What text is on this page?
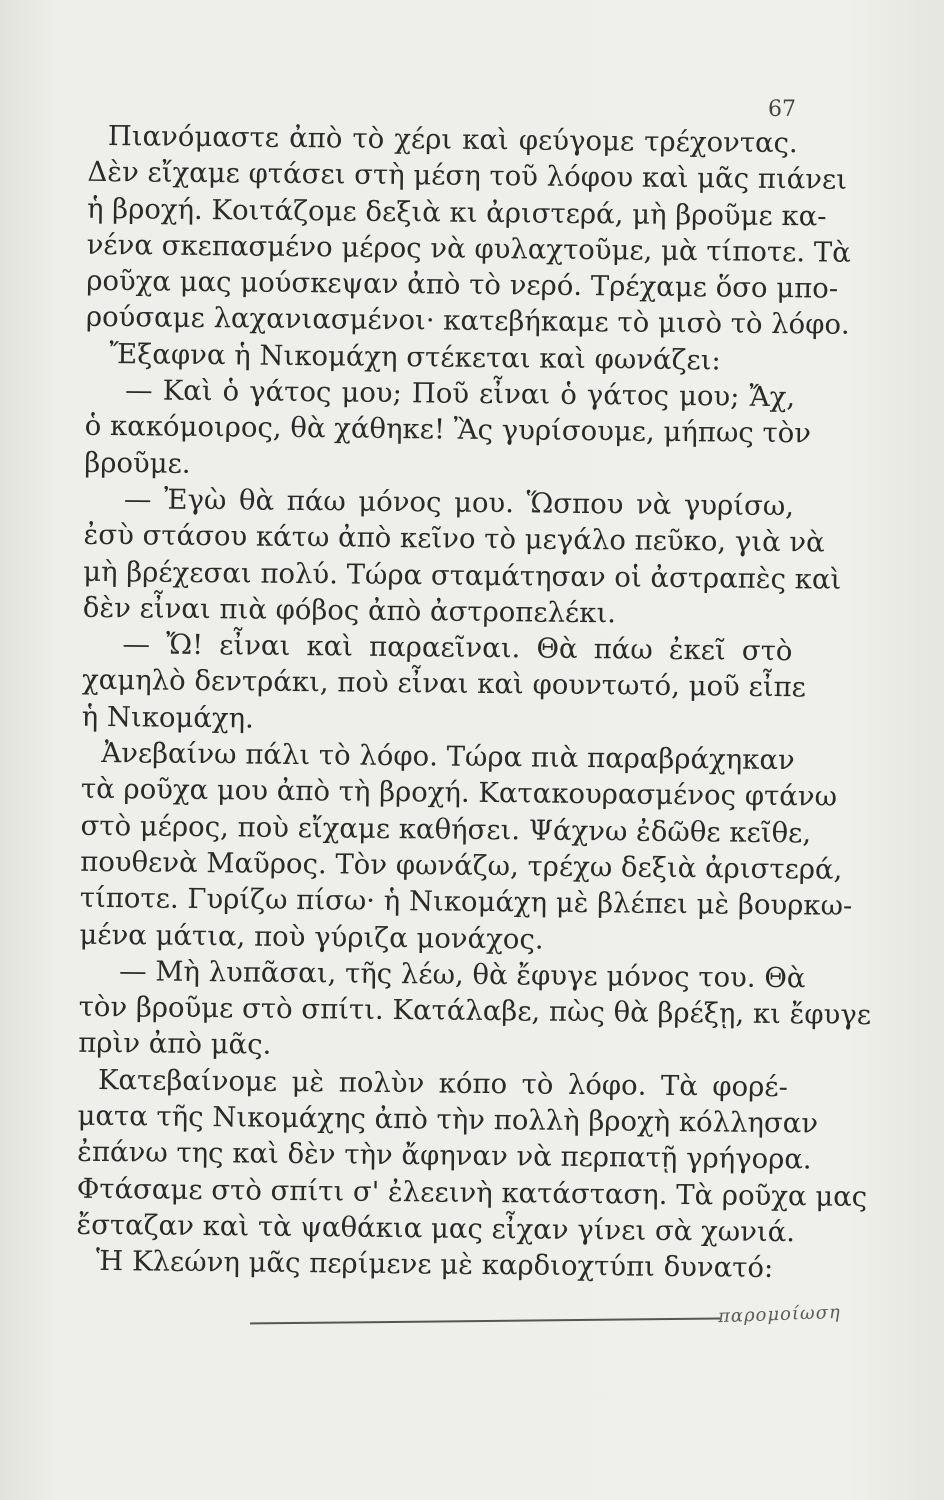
67
Πιανόμαστε ἀπὸ τὸ χέρι καὶ φεύγομε τρέχοντας.
Δὲν εἴχαμε φτάσει στὴ μέση τοῦ λόφου καὶ μᾶς πιάνει
ἡ βροχή. Κοιτάζομε δεξιὰ κι ἀριστερά, μὴ βροῦμε κα-
νένα σκεπασμένο μέρος νὰ φυλαχτοῦμε, μὰ τίποτε. Τὰ
ροῦχα μας μούσκεψαν ἀπὸ τὸ νερό. Τρέχαμε ὅσο μπο-
ρούσαμε λαχανιασμένοι· κατεβήκαμε τὸ μισὸ τὸ λόφο.
Ἔξαφνα ἡ Νικομάχη στέκεται καὶ φωνάζει:
— Καὶ ὁ γάτος μου; Ποῦ εἶναι ὁ γάτος μου; Ἄχ,
ὁ κακόμοιρος, θὰ χάθηκε! Ἂς γυρίσουμε, μήπως τὸν
βροῦμε.
— Ἐγὼ θὰ πάω μόνος μου. Ὥσπου νὰ γυρίσω,
ἐσὺ στάσου κάτω ἀπὸ κεῖνο τὸ μεγάλο πεῦκο, γιὰ νὰ
μὴ βρέχεσαι πολύ. Τώρα σταμάτησαν οἱ ἀστραπὲς καὶ
δὲν εἶναι πιὰ φόβος ἀπὸ ἀστροπελέκι.
— Ὤ! εἶναι καὶ παραεῖναι. Θὰ πάω ἐκεῖ στὸ
χαμηλὸ δεντράκι, ποὺ εἶναι καὶ φουντωτό, μοῦ εἶπε
ἡ Νικομάχη.
Ἀνεβαίνω πάλι τὸ λόφο. Τώρα πιὰ παραβράχηκαν
τὰ ροῦχα μου ἀπὸ τὴ βροχή. Κατακουρασμένος φτάνω
στὸ μέρος, ποὺ εἴχαμε καθήσει. Ψάχνω ἐδῶθε κεῖθε,
πουθενὰ Μαῦρος. Τὸν φωνάζω, τρέχω δεξιὰ ἀριστερά,
τίποτε. Γυρίζω πίσω· ἡ Νικομάχη μὲ βλέπει μὲ βουρκω-
μένα μάτια, ποὺ γύριζα μονάχος.
— Μὴ λυπᾶσαι, τῆς λέω, θὰ ἔφυγε μόνος του. Θὰ
τὸν βροῦμε στὸ σπίτι. Κατάλαβε, πὼς θὰ βρέξῃ, κι ἔφυγε
πρὶν ἀπὸ μᾶς.
Κατεβαίνομε μὲ πολὺν κόπο τὸ λόφο. Τὰ φορέ-
ματα τῆς Νικομάχης ἀπὸ τὴν πολλὴ βροχὴ κόλλησαν
ἐπάνω της καὶ δὲν τὴν ἄφηναν νὰ περπατῇ γρήγορα.
Φτάσαμε στὸ σπίτι σ' ἐλεεινὴ κατάσταση. Τὰ ροῦχα μας
ἔσταζαν καὶ τὰ ψαθάκια μας εἶχαν γίνει σὰ χωνιά.
Ἡ Κλεώνη μᾶς περίμενε μὲ καρδιοχτύπι δυνατό:
παρομοίωση
